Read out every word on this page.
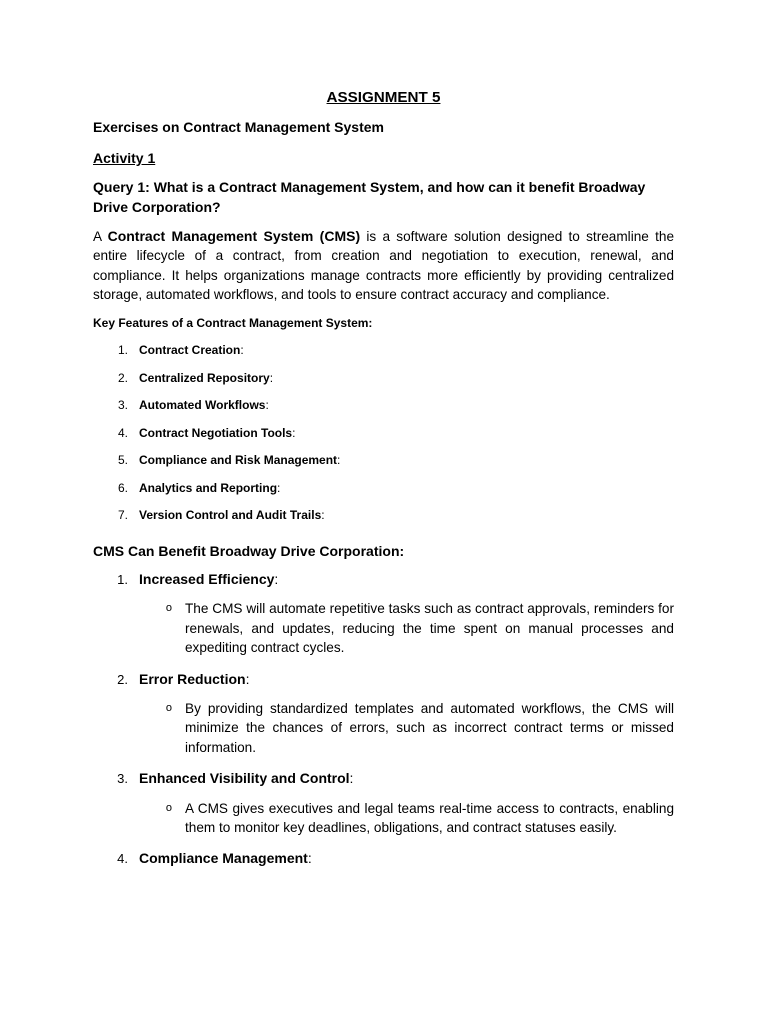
ASSIGNMENT 5
Exercises on Contract Management System
Activity 1
Query 1: What is a Contract Management System, and how can it benefit Broadway Drive Corporation?

A Contract Management System (CMS) is a software solution designed to streamline the entire lifecycle of a contract, from creation and negotiation to execution, renewal, and compliance. It helps organizations manage contracts more efficiently by providing centralized storage, automated workflows, and tools to ensure contract accuracy and compliance.

Key Features of a Contract Management System:
1. Contract Creation:
2. Centralized Repository:
3. Automated Workflows:
4. Contract Negotiation Tools:
5. Compliance and Risk Management:
6. Analytics and Reporting:
7. Version Control and Audit Trails:
CMS Can Benefit Broadway Drive Corporation:
1. Increased Efficiency:
o The CMS will automate repetitive tasks such as contract approvals, reminders for renewals, and updates, reducing the time spent on manual processes and expediting contract cycles.
2. Error Reduction:
o By providing standardized templates and automated workflows, the CMS will minimize the chances of errors, such as incorrect contract terms or missed information.
3. Enhanced Visibility and Control:
o A CMS gives executives and legal teams real-time access to contracts, enabling them to monitor key deadlines, obligations, and contract statuses easily.
4. Compliance Management:
